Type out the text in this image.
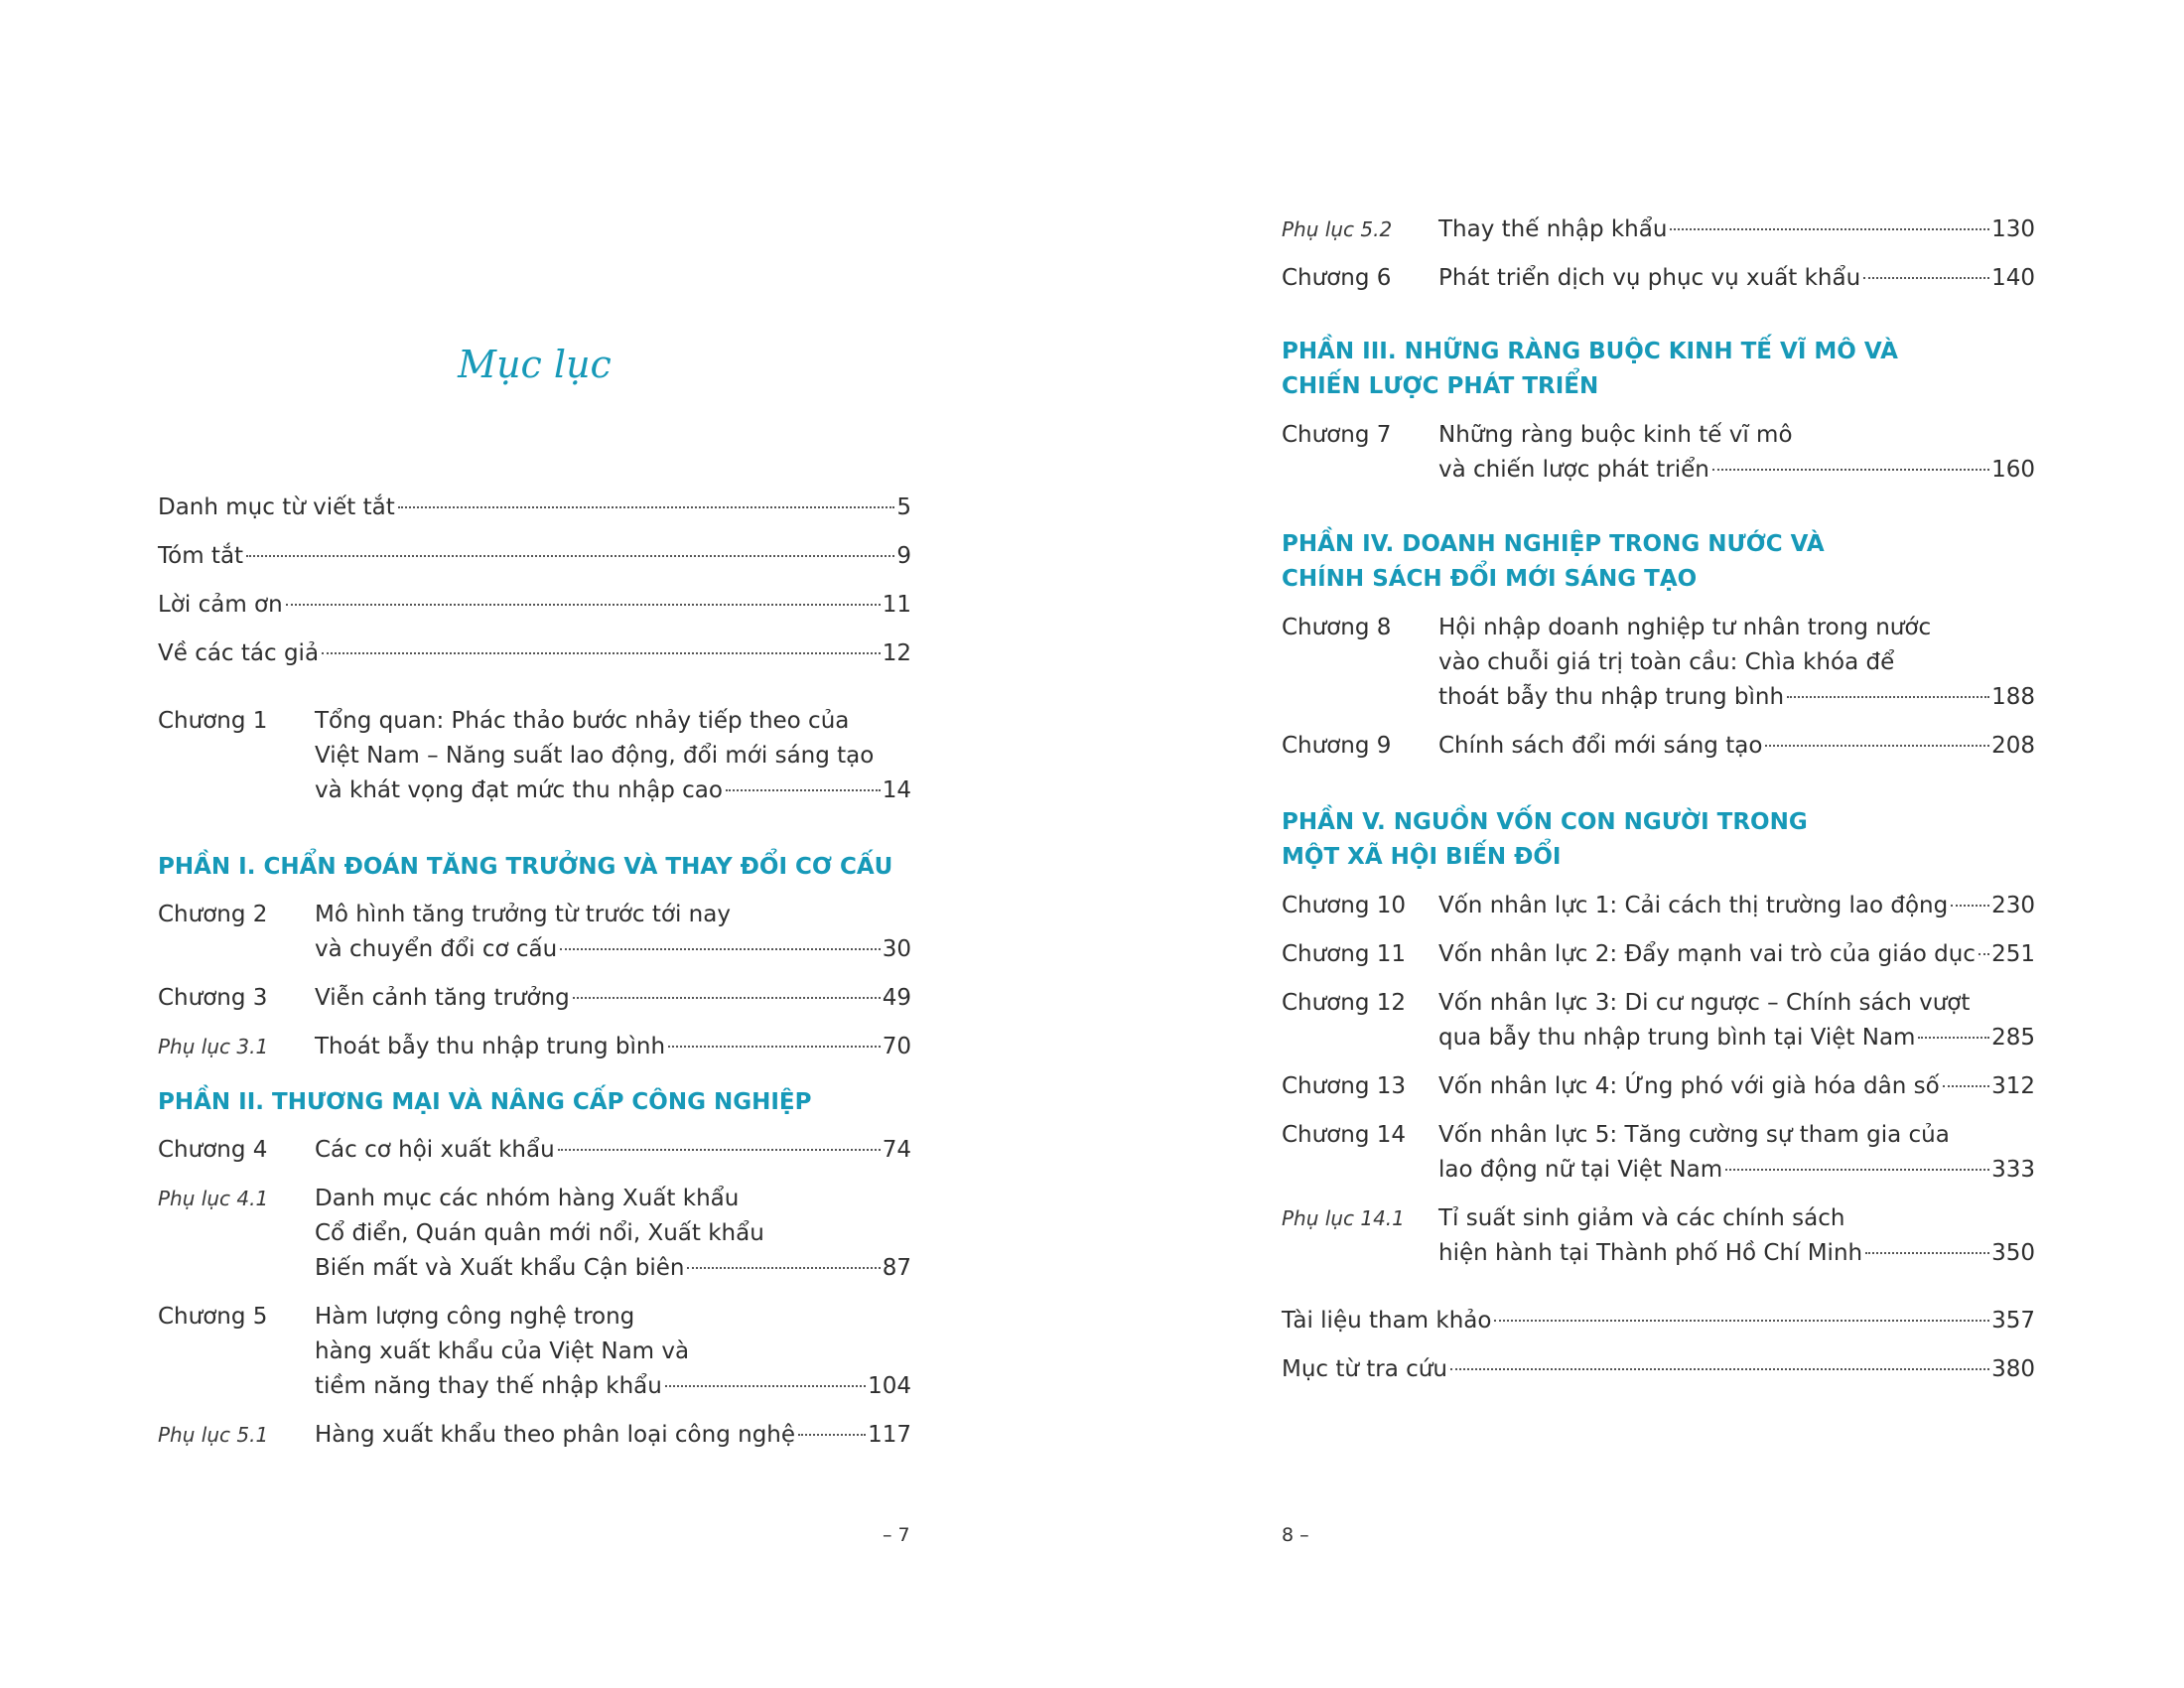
Mục lục
Danh mục từ viết tắt	5
Tóm tắt	9
Lời cảm ơn	11
Về các tác giả	12
Chương 1 Tổng quan: Phác thảo bước nhảy tiếp theo của
Việt Nam – Năng suất lao động, đổi mới sáng tạo
và khát vọng đạt mức thu nhập cao	14
PHẦN I. CHẨN ĐOÁN TĂNG TRƯỞNG VÀ THAY ĐỔI CƠ CẤU
Chương 2 Mô hình tăng trưởng từ trước tới nay
và chuyển đổi cơ cấu	30
Chương 3 Viễn cảnh tăng trưởng	49
Phụ lục 3.1 Thoát bẫy thu nhập trung bình	70
PHẦN II. THƯƠNG MẠI VÀ NÂNG CẤP CÔNG NGHIỆP
Chương 4 Các cơ hội xuất khẩu	74
Phụ lục 4.1 Danh mục các nhóm hàng Xuất khẩu
Cổ điển, Quán quân mới nổi, Xuất khẩu
Biến mất và Xuất khẩu Cận biên	87
Chương 5 Hàm lượng công nghệ trong
hàng xuất khẩu của Việt Nam và
tiềm năng thay thế nhập khẩu	104
Phụ lục 5.1 Hàng xuất khẩu theo phân loại công nghệ	117
– 7
Phụ lục 5.2 Thay thế nhập khẩu	130
Chương 6 Phát triển dịch vụ phục vụ xuất khẩu	140
PHẦN III. NHỮNG RÀNG BUỘC KINH TẾ VĨ MÔ VÀ
CHIẾN LƯỢC PHÁT TRIỂN
Chương 7 Những ràng buộc kinh tế vĩ mô
và chiến lược phát triển	160
PHẦN IV. DOANH NGHIỆP TRONG NƯỚC VÀ
CHÍNH SÁCH ĐỔI MỚI SÁNG TẠO
Chương 8 Hội nhập doanh nghiệp tư nhân trong nước
vào chuỗi giá trị toàn cầu: Chìa khóa để
thoát bẫy thu nhập trung bình	188
Chương 9 Chính sách đổi mới sáng tạo	208
PHẦN V. NGUỒN VỐN CON NGƯỜI TRONG
MỘT XÃ HỘI BIẾN ĐỔI
Chương 10 Vốn nhân lực 1: Cải cách thị trường lao động 230
Chương 11 Vốn nhân lực 2: Đẩy mạnh vai trò của giáo dục 251
Chương 12 Vốn nhân lực 3: Di cư ngược – Chính sách vượt
qua bẫy thu nhập trung bình tại Việt Nam	285
Chương 13 Vốn nhân lực 4: Ứng phó với già hóa dân số 312
Chương 14 Vốn nhân lực 5: Tăng cường sự tham gia của
lao động nữ tại Việt Nam	333
Phụ lục 14.1 Tỉ suất sinh giảm và các chính sách
hiện hành tại Thành phố Hồ Chí Minh	350
Tài liệu tham khảo	357
Mục từ tra cứu	380
8 –
